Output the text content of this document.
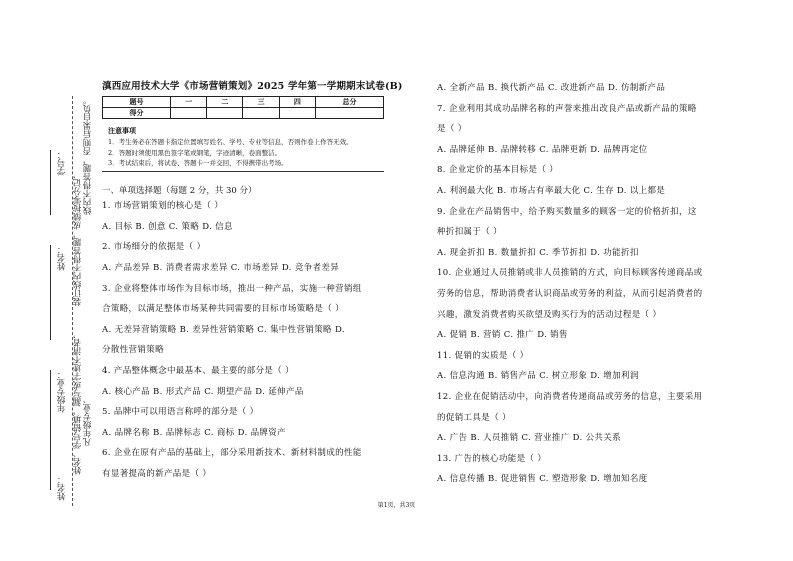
学号：
姓名：
年级专业：
线内不得答题，否则后果自负。
装订线内不得答题，成绩按零分记，
姓名、学号错填，漏写或字迹不清者， 凡年级专业、
姓名：
滇西应用技术大学《市场营销策划》2025 学年第一学期期末试卷(B)
题号	一	二	三	四	总分
得分					
注意事项
1．考生务必在答题卡指定位置填写姓名、学号、专业等信息，否则作卷上作答无效。
2．答题时须使用黑色签字笔或钢笔，字迹清晰，卷面整洁。
3．考试结束后，将试卷、答题卡一并交回，不得携带出考场。
一、单项选择题（每题 2 分，共 30 分）
1. 市场营销策划的核心是（ ）
A. 目标 B. 创意 C. 策略 D. 信息
2. 市场细分的依据是（ ）
A. 产品差异 B. 消费者需求差异 C. 市场差异 D. 竞争者差异
3. 企业将整体市场作为目标市场，推出一种产品，实施一种营销组
合策略，以满足整体市场某种共同需要的目标市场策略是（ ）
A. 无差异营销策略 B. 差异性营销策略 C. 集中性营销策略 D.
分散性营销策略
4. 产品整体概念中最基本、最主要的部分是（ ）
A. 核心产品 B. 形式产品 C. 期望产品 D. 延伸产品
5. 品牌中可以用语言称呼的部分是（ ）
A. 品牌名称 B. 品牌标志 C. 商标 D. 品牌资产
6. 企业在原有产品的基础上，部分采用新技术、新材料制成的性能
有显著提高的新产品是（ ）
A. 全新产品 B. 换代新产品 C. 改进新产品 D. 仿制新产品
7. 企业利用其成功品牌名称的声誉来推出改良产品或新产品的策略
是（ ）
A. 品牌延伸 B. 品牌转移 C. 品牌更新 D. 品牌再定位
8. 企业定价的基本目标是（ ）
A. 利润最大化 B. 市场占有率最大化 C. 生存 D. 以上都是
9. 企业在产品销售中，给予购买数量多的顾客一定的价格折扣，这
种折扣属于（ ）
A. 现金折扣 B. 数量折扣 C. 季节折扣 D. 功能折扣
10. 企业通过人员推销或非人员推销的方式，向目标顾客传递商品或
劳务的信息，帮助消费者认识商品或劳务的利益，从而引起消费者的
兴趣，激发消费者购买欲望及购买行为的活动过程是（ ）
A. 促销 B. 营销 C. 推广 D. 销售
11. 促销的实质是（ ）
A. 信息沟通 B. 销售产品 C. 树立形象 D. 增加利润
12. 企业在促销活动中，向消费者传递商品或劳务的信息，主要采用
的促销工具是（ ）
A. 广告 B. 人员推销 C. 营业推广 D. 公共关系
13. 广告的核心功能是（ ）
A. 信息传播 B. 促进销售 C. 塑造形象 D. 增加知名度
第1页，共3页
